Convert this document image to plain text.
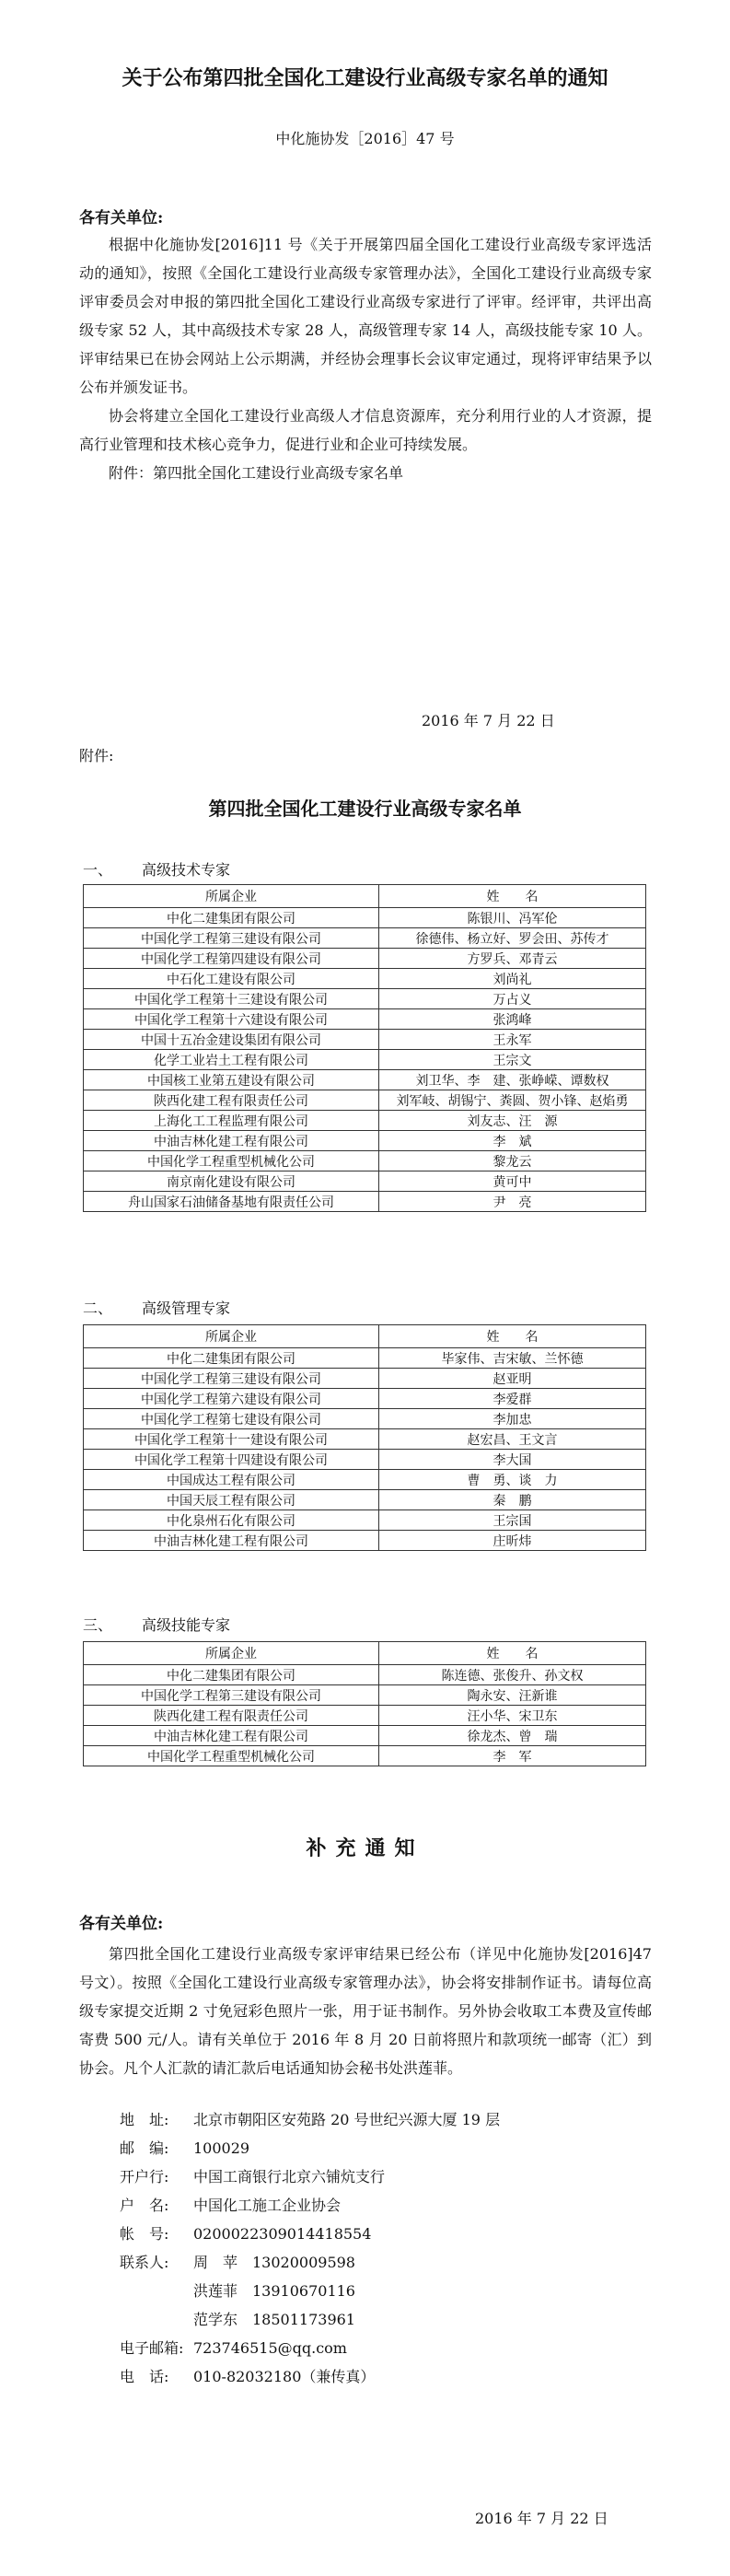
关于公布第四批全国化工建设行业高级专家名单的通知
中化施协发［2016］47 号
各有关单位:

根据中化施协发[2016]11 号《关于开展第四届全国化工建设行业高级专家评选活动的通知》，按照《全国化工建设行业高级专家管理办法》，全国化工建设行业高级专家评审委员会对申报的第四批全国化工建设行业高级专家进行了评审。经评审，共评出高级专家 52 人，其中高级技术专家 28 人，高级管理专家 14 人，高级技能专家 10 人。评审结果已在协会网站上公示期满，并经协会理事长会议审定通过，现将评审结果予以公布并颁发证书。

协会将建立全国化工建设行业高级人才信息资源库，充分利用行业的人才资源，提高行业管理和技术核心竞争力，促进行业和企业可持续发展。

附件：第四批全国化工建设行业高级专家名单

2016 年 7 月 22 日
附件:
第四批全国化工建设行业高级专家名单
一、 高级技术专家
所属企业	姓　　名
中化二建集团有限公司	陈银川、冯军伦
中国化学工程第三建设有限公司	徐德伟、杨立好、罗会田、苏传才
中国化学工程第四建设有限公司	方罗兵、邓青云
中石化工建设有限公司	刘尚礼
中国化学工程第十三建设有限公司	万占义
中国化学工程第十六建设有限公司	张鸿峰
中国十五冶金建设集团有限公司	王永军
化学工业岩土工程有限公司	王宗文
中国核工业第五建设有限公司	刘卫华、李　建、张峥嵘、谭数权
陕西化建工程有限责任公司	刘军岐、胡锡宁、粪圆、贺小锋、赵焰勇
上海化工工程监理有限公司	刘友志、汪　源
中油吉林化建工程有限公司	李　斌
中国化学工程重型机械化公司	黎龙云
南京南化建设有限公司	黄可中
舟山国家石油储备基地有限责任公司	尹　亮
二、 高级管理专家
所属企业	姓　　名
中化二建集团有限公司	毕家伟、吉宋敏、兰怀德
中国化学工程第三建设有限公司	赵亚明
中国化学工程第六建设有限公司	李爱群
中国化学工程第七建设有限公司	李加忠
中国化学工程第十一建设有限公司	赵宏昌、王文言
中国化学工程第十四建设有限公司	李大国
中国成达工程有限公司	曹　勇、谈　力
中国天辰工程有限公司	秦　鹏
中化泉州石化有限公司	王宗国
中油吉林化建工程有限公司	庄昕炜
三、 高级技能专家
所属企业	姓　　名
中化二建集团有限公司	陈连德、张俊升、孙文权
中国化学工程第三建设有限公司	陶永安、汪新谁
陕西化建工程有限责任公司	汪小华、宋卫东
中油吉林化建工程有限公司	徐龙杰、曾　瑞
中国化学工程重型机械化公司	李　军
补充通知
各有关单位:

第四批全国化工建设行业高级专家评审结果已经公布（详见中化施协发[2016]47 号文）。按照《全国化工建设行业高级专家管理办法》，协会将安排制作证书。请每位高级专家提交近期 2 寸免冠彩色照片一张，用于证书制作。另外协会收取工本费及宣传邮寄费 500 元/人。请有关单位于 2016 年 8 月 20 日前将照片和款项统一邮寄（汇）到协会。凡个人汇款的请汇款后电话通知协会秘书处洪莲菲。

地　址: 北京市朝阳区安苑路 20 号世纪兴源大厦 19 层
邮　编: 100029
开户行: 中国工商银行北京六铺炕支行
户　名: 中国化工施工企业协会
帐　号: 0200022309014418554
联系人: 周　苹　13020009598
洪莲菲　13910670116
范学东　18501173961
电子邮箱: 723746515@qq.com
电　话: 010-82032180（兼传真）
2016 年 7 月 22 日
